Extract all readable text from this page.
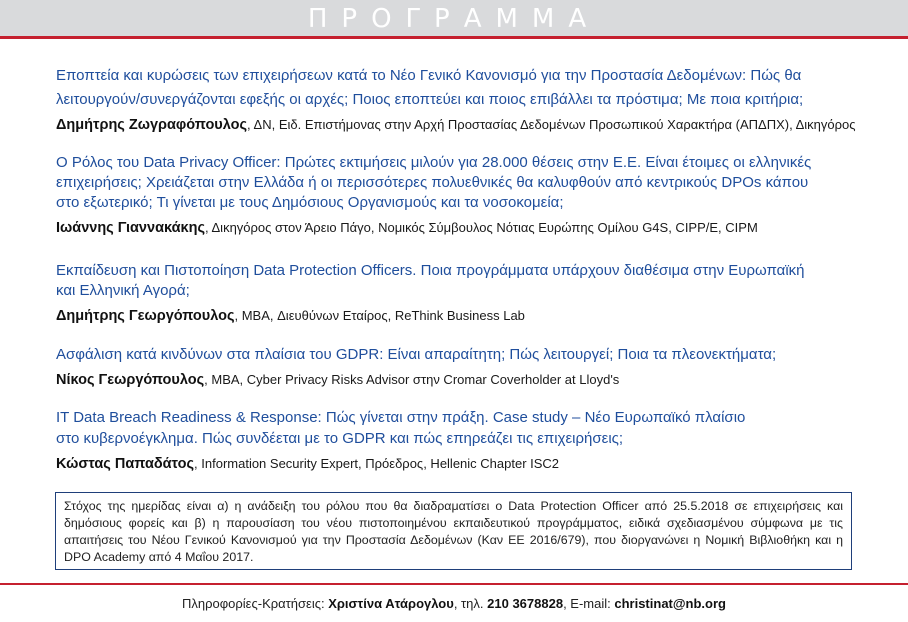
ΠΡΟΓΡΑΜΜΑ

Εποπτεία και κυρώσεις των επιχειρήσεων κατά το Νέο Γενικό Κανονισμό για την Προστασία Δεδομένων: Πώς θα
λειτουργούν/συνεργάζονται εφεξής οι αρχές; Ποιος εποπτεύει και ποιος επιβάλλει τα πρόστιμα; Με ποια κριτήρια;

Δημήτρης Ζωγραφόπουλος, ΔΝ, Ειδ. Επιστήμονας στην Αρχή Προστασίας Δεδομένων Προσωπικού Χαρακτήρα (ΑΠΔΠΧ), Δικηγόρος

Ο Ρόλος του Data Privacy Officer: Πρώτες εκτιμήσεις μιλούν για 28.000 θέσεις στην Ε.Ε. Είναι έτοιμες οι ελληνικές
επιχειρήσεις; Χρειάζεται στην Ελλάδα ή οι περισσότερες πολυεθνικές θα καλυφθούν από κεντρικούς DPOs κάπου
στο εξωτερικό; Τι γίνεται με τους Δημόσιους Οργανισμούς και τα νοσοκομεία;

Ιωάννης Γιαννακάκης, Δικηγόρος στον Άρειο Πάγο, Νομικός Σύμβουλος Νότιας Ευρώπης Ομίλου G4S, CIPP/E, CIPM

Εκπαίδευση και Πιστοποίηση Data Protection Officers. Ποια προγράμματα υπάρχουν διαθέσιμα στην Ευρωπαϊκή
και Ελληνική Αγορά;

Δημήτρης Γεωργόπουλος, MBA, Διευθύνων Εταίρος, ReThink Business Lab

Ασφάλιση κατά κινδύνων στα πλαίσια του GDPR: Είναι απαραίτητη; Πώς λειτουργεί; Ποια τα πλεονεκτήματα;

Νίκος Γεωργόπουλος, MBA, Cyber Privacy Risks Advisor στην Cromar Coverholder at Lloyd's

IT Data Breach Readiness & Response: Πώς γίνεται στην πράξη. Case study – Νέο Ευρωπαϊκό πλαίσιο
στο κυβερνοέγκλημα. Πώς συνδέεται με το GDPR και πώς επηρεάζει τις επιχειρήσεις;

Κώστας Παπαδάτος, Information Security Expert, Πρόεδρος, Hellenic Chapter ISC2
Στόχος της ημερίδας είναι α) η ανάδειξη του ρόλου που θα διαδραματίσει ο Data Protection Officer από 25.5.2018 σε επιχειρήσεις και δημόσιους φορείς και β) η παρουσίαση του νέου πιστοποιημένου εκπαιδευτικού προγράμματος, ειδικά σχεδιασμένου σύμφωνα με τις απαιτήσεις του Νέου Γενικού Κανονισμού για την Προστασία Δεδομένων (Καν ΕΕ 2016/679), που διοργανώνει η Νομική Βιβλιοθήκη και η DPO Academy από 4 Μαΐου 2017.
Πληροφορίες-Κρατήσεις: Χριστίνα Ατάρογλου, τηλ. 210 3678828, E-mail: christinat@nb.org
